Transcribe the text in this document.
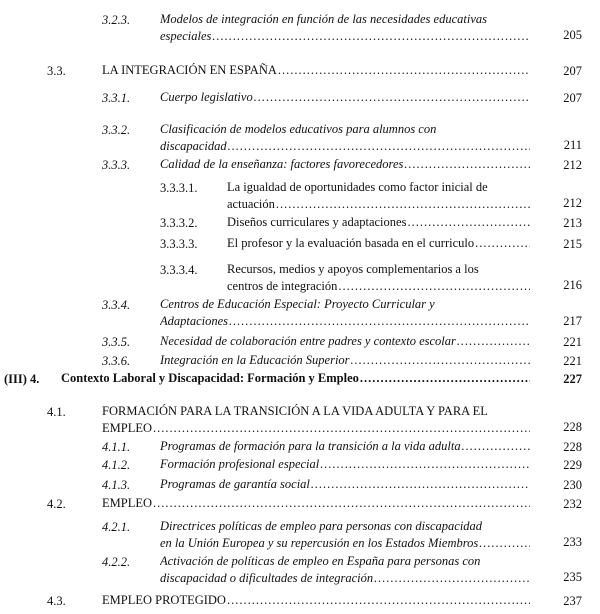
3.2.3. Modelos de integración en función de las necesidades educativas
especiales .....	205
3.3.	LA INTEGRACIÓN EN ESPAÑA .....	207
3.3.1. Cuerpo legislativo .....	207
3.3.2. Clasificación de modelos educativos para alumnos con
discapacidad .....	211
3.3.3. Calidad de la enseñanza: factores favorecedores .....	212
3.3.3.1. La igualdad de oportunidades como factor inicial de
actuación .....	212
3.3.3.2. Diseños curriculares y adaptaciones .....	213
3.3.3.3. El profesor y la evaluación basada en el curriculo .....	215
3.3.3.4. Recursos, medios y apoyos complementarios a los
centros de integración .....	216
3.3.4. Centros de Educación Especial: Proyecto Curricular y
Adaptaciones .....	217
3.3.5. Necesidad de colaboración entre padres y contexto escolar .....	221
3.3.6. Integración en la Educación Superior .....	221
(III) 4. Contexto Laboral y Discapacidad: Formación y Empleo .....	227
4.1.	FORMACIÓN PARA LA TRANSICIÓN A LA VIDA ADULTA Y PARA EL
EMPLEO .....	228
4.1.1. Programas de formación para la transición a la vida adulta .....	228
4.1.2. Formación profesional especial .....	229
4.1.3. Programas de garantía social .....	230
4.2.	EMPLEO .....	232
4.2.1. Directrices políticas de empleo para personas con discapacidad
en la Unión Europea y su repercusión en los Estados Miembros .....	233
4.2.2. Activación de políticas de empleo en España para personas con
discapacidad o dificultades de integración .....	235
4.3.	EMPLEO PROTEGIDO .....	237
